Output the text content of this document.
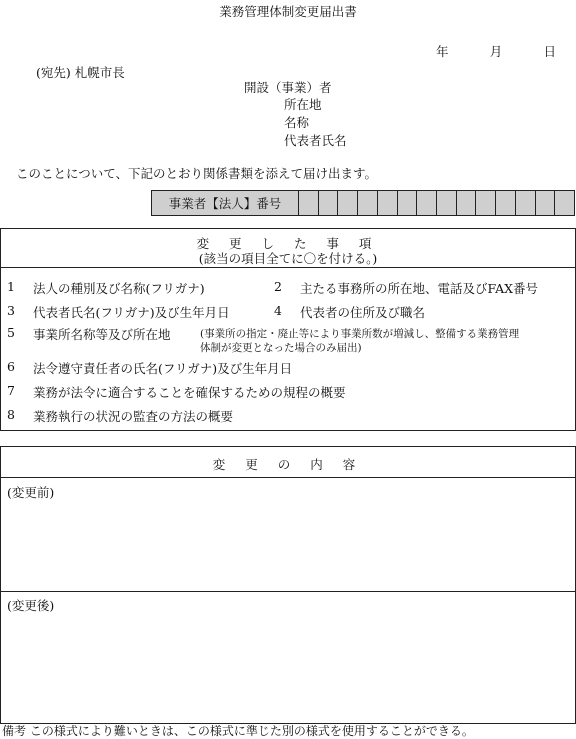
業務管理体制変更届出書
年	月	日
(宛先) 札幌市長
開設（事業）者
所在地
名称
代表者氏名
このことについて、下記のとおり関係書類を添えて届け出ます。
事業者【法人】番号
変 更 し た 事 項
(該当の項目全てに〇を付ける。)
1 法人の種別及び名称(フリガナ)	2 主たる事務所の所在地、電話及びFAX番号
3 代表者氏名(フリガナ)及び生年月日	4 代表者の住所及び職名
5 事業所名称等及び所在地	(事業所の指定・廃止等により事業所数が増減し、整備する業務管理
体制が変更となった場合のみ届出)
6 法令遵守責任者の氏名(フリガナ)及び生年月日
7 業務が法令に適合することを確保するための規程の概要
8 業務執行の状況の監査の方法の概要
変 更 の 内 容
(変更前)
(変更後)
備考 この様式により難いときは、この様式に準じた別の様式を使用することができる。
